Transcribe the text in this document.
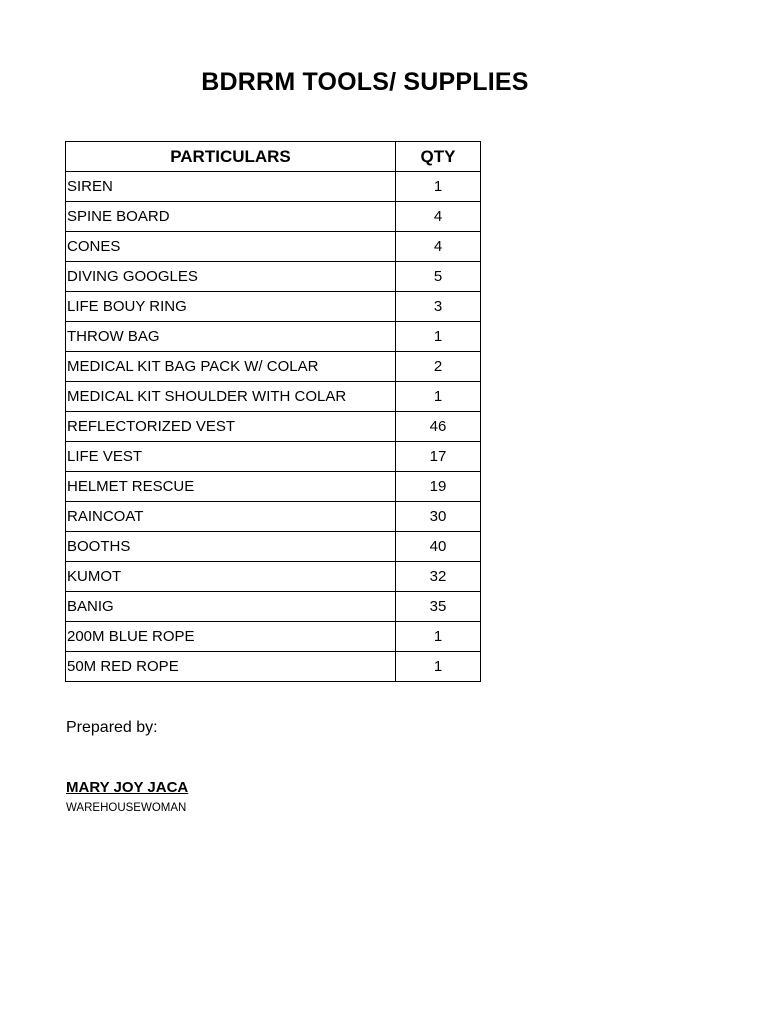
BDRRM TOOLS/ SUPPLIES
PARTICULARS	QTY
SIREN	1
SPINE BOARD	4
CONES	4
DIVING GOOGLES	5
LIFE BOUY RING	3
THROW BAG	1
MEDICAL KIT BAG PACK W/ COLAR	2
MEDICAL KIT SHOULDER WITH COLAR	1
REFLECTORIZED VEST	46
LIFE VEST	17
HELMET RESCUE	19
RAINCOAT	30
BOOTHS	40
KUMOT	32
BANIG	35
200M BLUE ROPE	1
50M RED ROPE	1
Prepared by:
MARY JOY JACA
WAREHOUSEWOMAN
